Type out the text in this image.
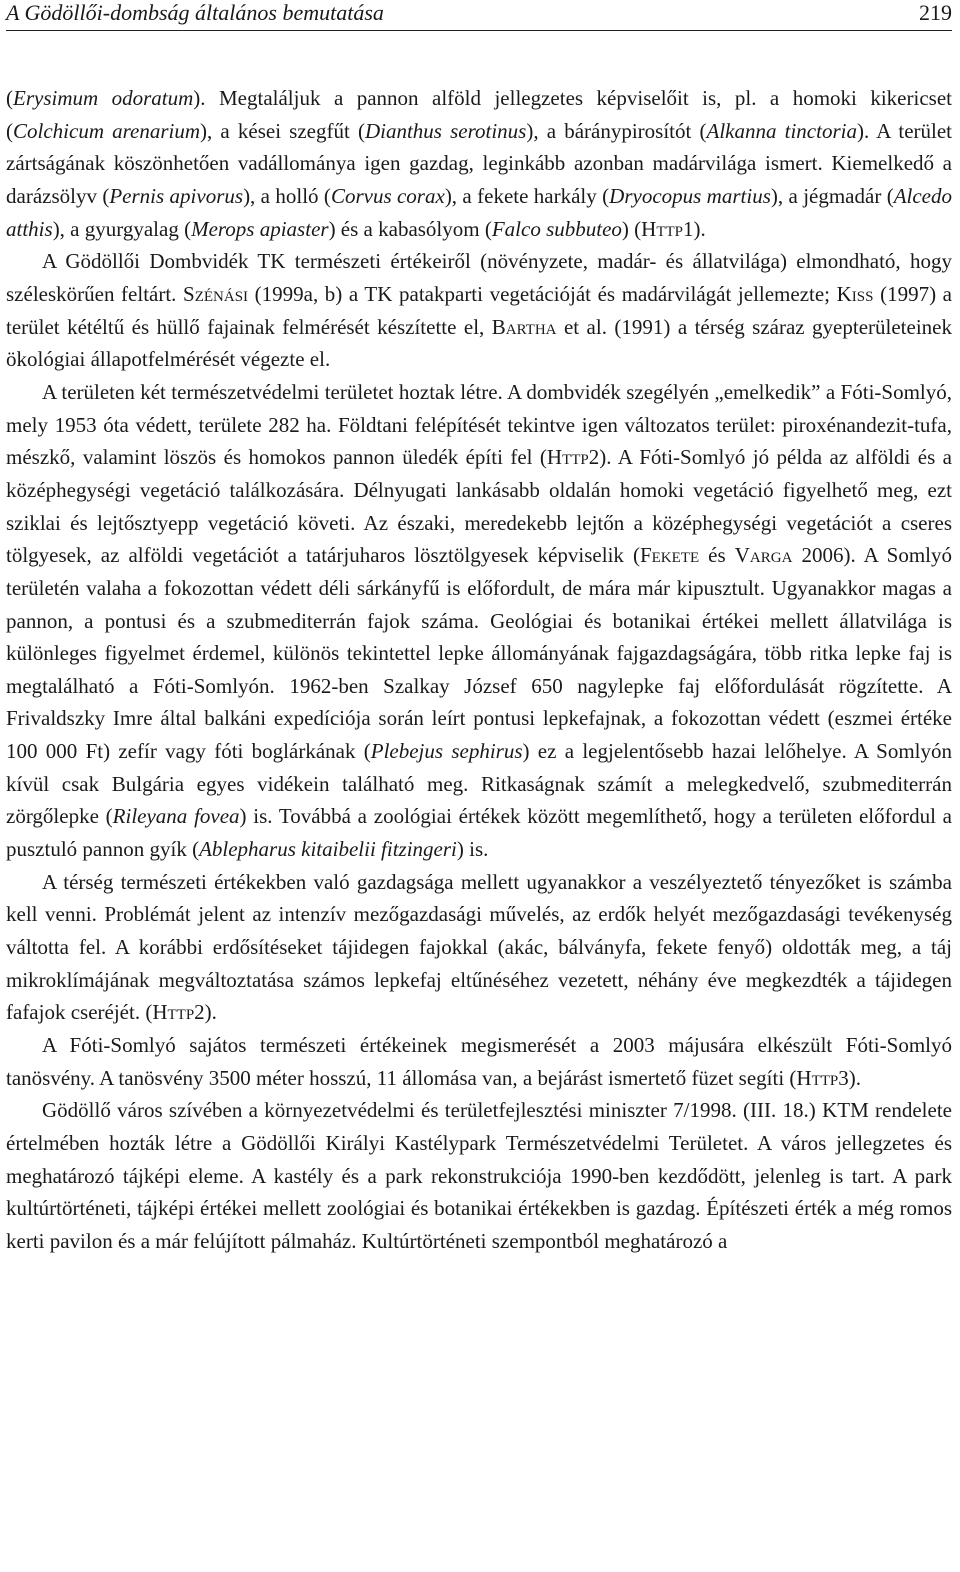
A Gödöllői-dombság általános bemutatása	219

(Erysimum odoratum). Megtaláljuk a pannon alföld jellegzetes képviselőit is, pl. a homoki kikericset (Colchicum arenarium), a kései szegfűt (Dianthus serotinus), a báránypirosítót (Alkanna tinctoria). A terület zártságának köszönhetően vadállománya igen gazdag, leginkább azonban madárvilága ismert. Kiemelkedő a darázsölyv (Pernis apivorus), a holló (Corvus corax), a fekete harkály (Dryocopus martius), a jégmadár (Alcedo atthis), a gyurgyalag (Merops apiaster) és a kabasólyom (Falco subbuteo) (Http1).

A Gödöllői Dombvidék TK természeti értékeiről (növényzete, madár- és állatvilága) elmondható, hogy széleskörűen feltárt. Szénási (1999a, b) a TK patakparti vegetációját és madárvilágát jellemezte; Kiss (1997) a terület kétéltű és hüllő fajainak felmérését készítette el, Bartha et al. (1991) a térség száraz gyepterületeinek ökológiai állapotfelmérését végezte el.

A területen két természetvédelmi területet hoztak létre. A dombvidék szegélyén „emelkedik” a Fóti-Somlyó, mely 1953 óta védett, területe 282 ha. Földtani felépítését tekintve igen változatos terület: piroxénandezit-tufa, mészkő, valamint löszös és homokos pannon üledék építi fel (Http2). A Fóti-Somlyó jó példa az alföldi és a középhegységi vegetáció találkozására. Délnyugati lankásabb oldalán homoki vegetáció figyelhető meg, ezt sziklai és lejtősztyepp vegetáció követi. Az északi, meredekebb lejtőn a középhegységi vegetációt a cseres tölgyesek, az alföldi vegetációt a tatárjuharos lösztölgyesek képviselik (Fekete és Varga 2006). A Somlyó területén valaha a fokozottan védett déli sárkányfű is előfordult, de mára már kipusztult. Ugyanakkor magas a pannon, a pontusi és a szubmediterrán fajok száma. Geológiai és botanikai értékei mellett állatvilága is különleges figyelmet érdemel, különös tekintettel lepke állományának fajgazdagságára, több ritka lepke faj is megtalálható a Fóti-Somlyón. 1962-ben Szalkay József 650 nagylepke faj előfordulását rögzítette. A Frivaldszky Imre által balkáni expedíciója során leírt pontusi lepkefajnak, a fokozottan védett (eszmei értéke 100 000 Ft) zefír vagy fóti boglárkának (Plebejus sephirus) ez a legjelentősebb hazai lelőhelye. A Somlyón kívül csak Bulgária egyes vidékein található meg. Ritkaságnak számít a melegkedvelő, szubmediterrán zörgőlepke (Rileyana fovea) is. Továbbá a zoológiai értékek között megemlíthető, hogy a területen előfordul a pusztuló pannon gyík (Ablepharus kitaibelii fitzingeri) is.

A térség természeti értékekben való gazdagsága mellett ugyanakkor a veszélyeztető tényezőket is számba kell venni. Problémát jelent az intenzív mezőgazdasági művelés, az erdők helyét mezőgazdasági tevékenység váltotta fel. A korábbi erdősítéseket tájidegen fajokkal (akác, bálványfa, fekete fenyő) oldották meg, a táj mikroklímájának megváltoztatása számos lepkefaj eltűnéséhez vezetett, néhány éve megkezdték a tájidegen fafajok cseréjét. (Http2).

A Fóti-Somlyó sajátos természeti értékeinek megismerését a 2003 májusára elkészült Fóti-Somlyó tanösvény. A tanösvény 3500 méter hosszú, 11 állomása van, a bejárást ismertető füzet segíti (Http3).

Gödöllő város szívében a környezetvédelmi és területfejlesztési miniszter 7/1998. (III. 18.) KTM rendelete értelmében hozták létre a Gödöllői Királyi Kastélypark Természetvédelmi Területet. A város jellegzetes és meghatározó tájképi eleme. A kastély és a park rekonstrukciója 1990-ben kezdődött, jelenleg is tart. A park kultúrtörténeti, tájképi értékei mellett zoológiai és botanikai értékekben is gazdag. Építészeti érték a még romos kerti pavilon és a már felújított pálmaház. Kultúrtörténeti szempontból meghatározó a
